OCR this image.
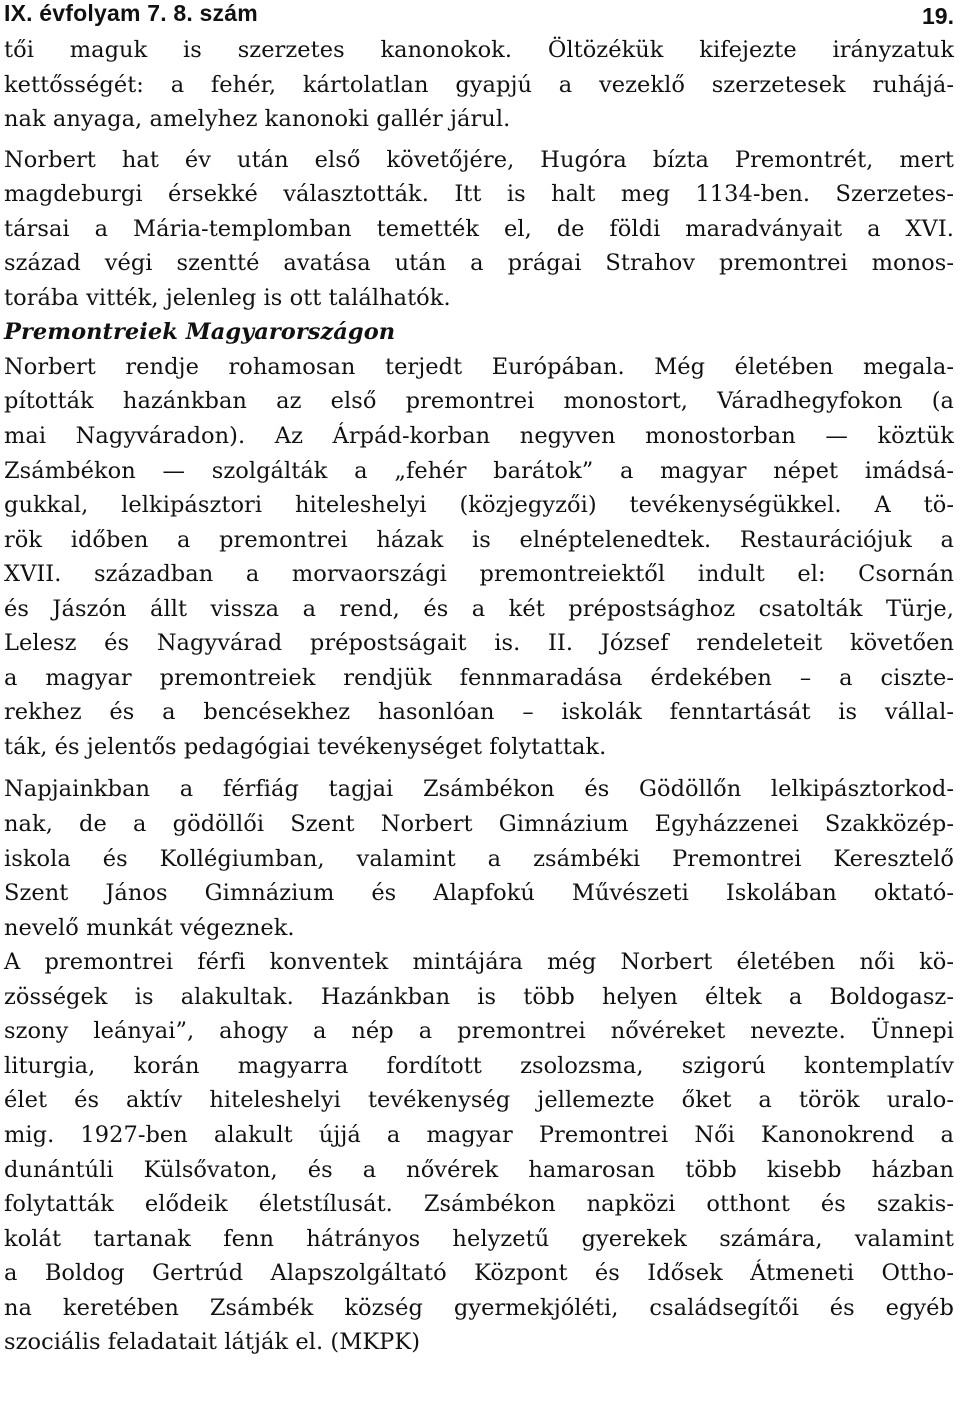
IX. évfolyam 7. 8. szám	19.
tői maguk is szerzetes kanonokok. Öltözékük kifejezte irányzatuk
kettősségét: a fehér, kártolatlan gyapjú a vezeklő szerzetesek ruhájá-
nak anyaga, amelyhez kanonoki gallér járul.
Norbert hat év után első követőjére, Hugóra bízta Premontrét, mert
magdeburgi érsekké választották. Itt is halt meg 1134-ben. Szerzetes-
társai a Mária-templomban temették el, de földi maradványait a XVI.
század végi szentté avatása után a prágai Strahov premontrei monos-
torába vitték, jelenleg is ott találhatók.
Premontreiek Magyarországon
Norbert rendje rohamosan terjedt Európában. Még életében megala-
pították hazánkban az első premontrei monostort, Váradhegyfokon (a
mai Nagyváradon). Az Árpád-korban negyven monostorban — köztük
Zsámbékon — szolgálták a „fehér barátok” a magyar népet imádsá-
gukkal, lelkipásztori hiteleshelyi (közjegyzői) tevékenységükkel. A tö-
rök időben a premontrei házak is elnéptelenedtek. Restaurációjuk a
XVII. században a morvaországi premontreiektől indult el: Csornán
és Jászón állt vissza a rend, és a két prépostsághoz csatolták Türje,
Lelesz és Nagyvárad prépostságait is. II. József rendeleteit követően
a magyar premontreiek rendjük fennmaradása érdekében – a ciszte-
rekhez és a bencésekhez hasonlóan – iskolák fenntartását is vállal-
ták, és jelentős pedagógiai tevékenységet folytattak.
Napjainkban a férfiág tagjai Zsámbékon és Gödöllőn lelkipásztorkod-
nak, de a gödöllői Szent Norbert Gimnázium Egyházzenei Szakközép-
iskola és Kollégiumban, valamint a zsámbéki Premontrei Keresztelő
Szent János Gimnázium és Alapfokú Művészeti Iskolában oktató-
nevelő munkát végeznek.
A premontrei férfi konventek mintájára még Norbert életében női kö-
zösségek is alakultak. Hazánkban is több helyen éltek a Boldogasz-
szony leányai”, ahogy a nép a premontrei nővéreket nevezte. Ünnepi
liturgia, korán magyarra fordított zsolozsma, szigorú kontemplatív
élet és aktív hiteleshelyi tevékenység jellemezte őket a török uralo-
mig. 1927-ben alakult újjá a magyar Premontrei Női Kanonokrend a
dunántúli Külsővaton, és a nővérek hamarosan több kisebb házban
folytatták elődeik életstílusát. Zsámbékon napközi otthont és szakis-
kolát tartanak fenn hátrányos helyzetű gyerekek számára, valamint
a Boldog Gertrúd Alapszolgáltató Központ és Idősek Átmeneti Ottho-
na keretében Zsámbék község gyermekjóléti, családsegítői és egyéb
szociális feladatait látják el. (MKPK)
